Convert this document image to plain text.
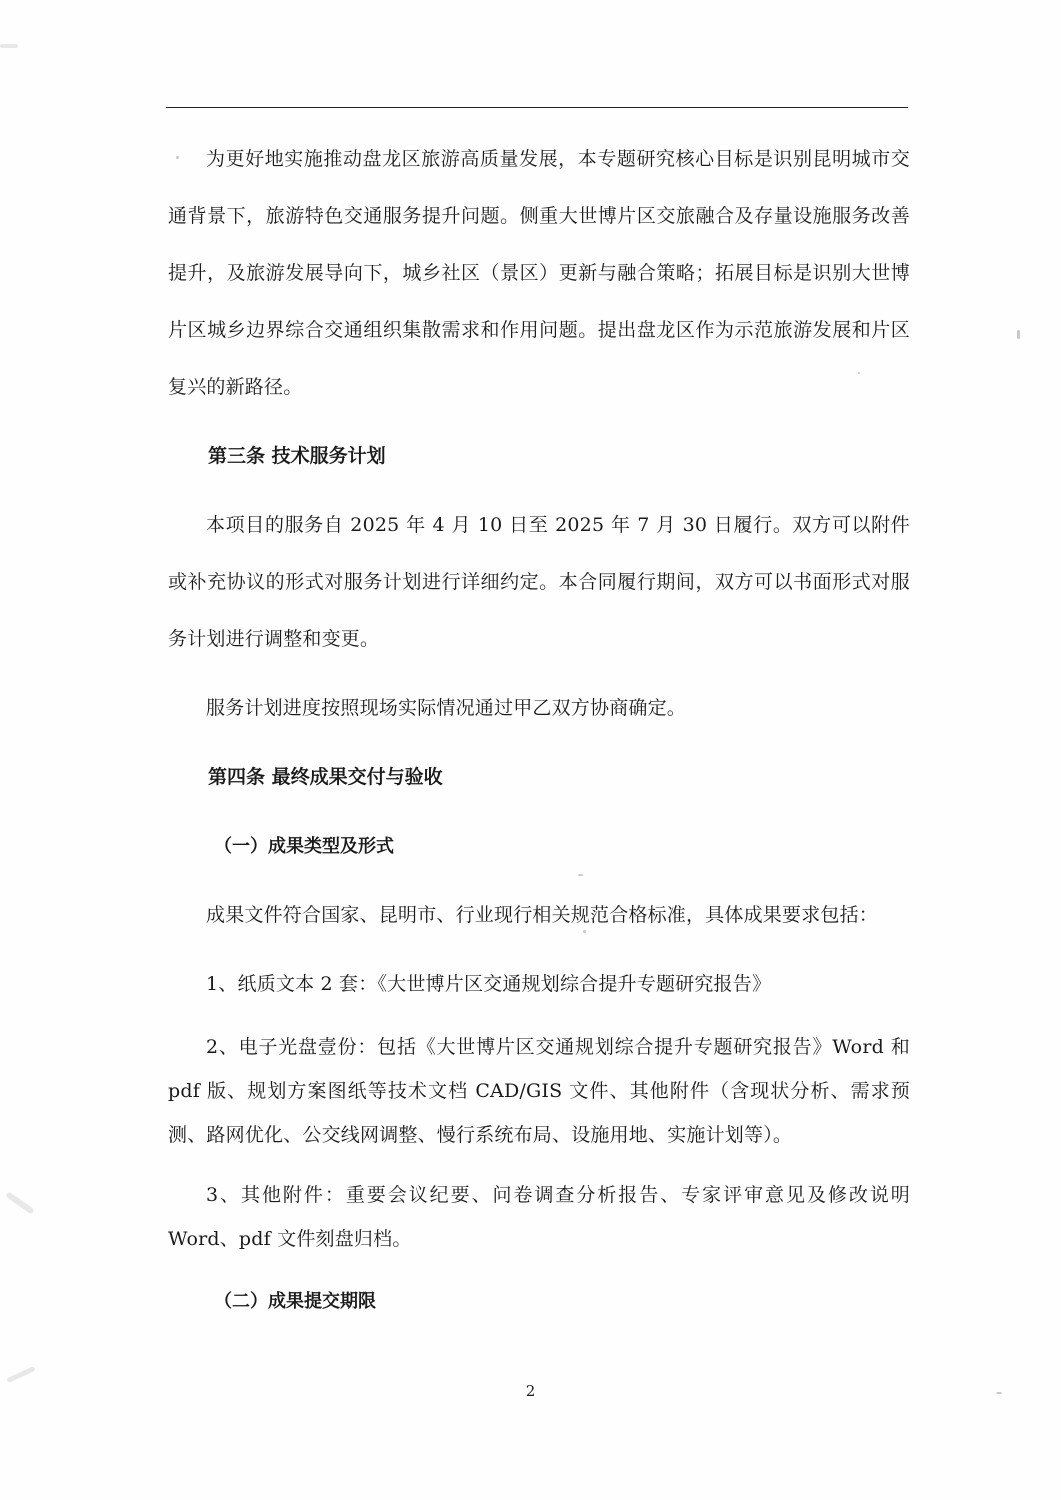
为更好地实施推动盘龙区旅游高质量发展，本专题研究核心目标是识别昆明城市交通背景下，旅游特色交通服务提升问题。侧重大世博片区交旅融合及存量设施服务改善提升，及旅游发展导向下，城乡社区（景区）更新与融合策略；拓展目标是识别大世博片区城乡边界综合交通组织集散需求和作用问题。提出盘龙区作为示范旅游发展和片区复兴的新路径。

第三条 技术服务计划

本项目的服务自 2025 年 4 月 10 日至 2025 年 7 月 30 日履行。双方可以附件或补充协议的形式对服务计划进行详细约定。本合同履行期间，双方可以书面形式对服务计划进行调整和变更。

服务计划进度按照现场实际情况通过甲乙双方协商确定。

第四条 最终成果交付与验收
（一）成果类型及形式

成果文件符合国家、昆明市、行业现行相关规范合格标准，具体成果要求包括：

1、纸质文本 2 套：《大世博片区交通规划综合提升专题研究报告》

2、电子光盘壹份：包括《大世博片区交通规划综合提升专题研究报告》Word 和 pdf 版、规划方案图纸等技术文档 CAD/GIS 文件、其他附件（含现状分析、需求预测、路网优化、公交线网调整、慢行系统布局、设施用地、实施计划等）。

3、其他附件：重要会议纪要、问卷调查分析报告、专家评审意见及修改说明 Word、pdf 文件刻盘归档。

（二）成果提交期限
2
